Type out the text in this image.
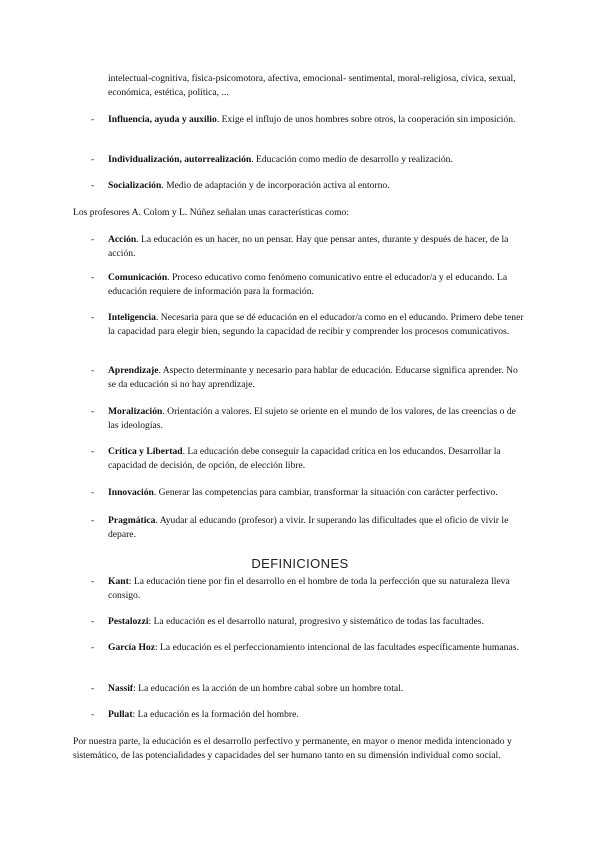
intelectual-cognitiva, física-psicomotora, afectiva, emocional- sentimental, moral-religiosa, cívica, sexual, económica, estética, política, ...
- Influencia, ayuda y auxilio. Exige el influjo de unos hombres sobre otros, la cooperación sin imposición.
- Individualización, autorrealización. Educación como medio de desarrollo y realización.
- Socialización. Medio de adaptación y de incorporación activa al entorno.
Los profesores A. Colom y L. Núñez señalan unas características como:
- Acción. La educación es un hacer, no un pensar. Hay que pensar antes, durante y después de hacer, de la acción.
- Comunicación. Proceso educativo como fenómeno comunicativo entre el educador/a y el educando. La educación requiere de información para la formación.
- Inteligencia. Necesaria para que se dé educación en el educador/a como en el educando. Primero debe tener la capacidad para elegir bien, segundo la capacidad de recibir y comprender los procesos comunicativos.
- Aprendizaje. Aspecto determinante y necesario para hablar de educación. Educarse significa aprender. No se da educación si no hay aprendizaje.
- Moralización. Orientación a valores. El sujeto se oriente en el mundo de los valores, de las creencias o de las ideologías.
- Crítica y Libertad. La educación debe conseguir la capacidad crítica en los educandos. Desarrollar la capacidad de decisión, de opción, de elección libre.
- Innovación. Generar las competencias para cambiar, transformar la situación con carácter perfectivo.
- Pragmática. Ayudar al educando (profesor) a vivir. Ir superando las dificultades que el oficio de vivir le depare.
DEFINICIONES
- Kant: La educación tiene por fin el desarrollo en el hombre de toda la perfección que su naturaleza lleva consigo.
- Pestalozzi: La educación es el desarrollo natural, progresivo y sistemático de todas las facultades.
- García Hoz: La educación es el perfeccionamiento intencional de las facultades específicamente humanas.
- Nassif: La educación es la acción de un hombre cabal sobre un hombre total.
- Pullat: La educación es la formación del hombre.
Por nuestra parte, la educación es el desarrollo perfectivo y permanente, en mayor o menor medida intencionado y sistemático, de las potencialidades y capacidades del ser humano tanto en su dimensión individual como social.
